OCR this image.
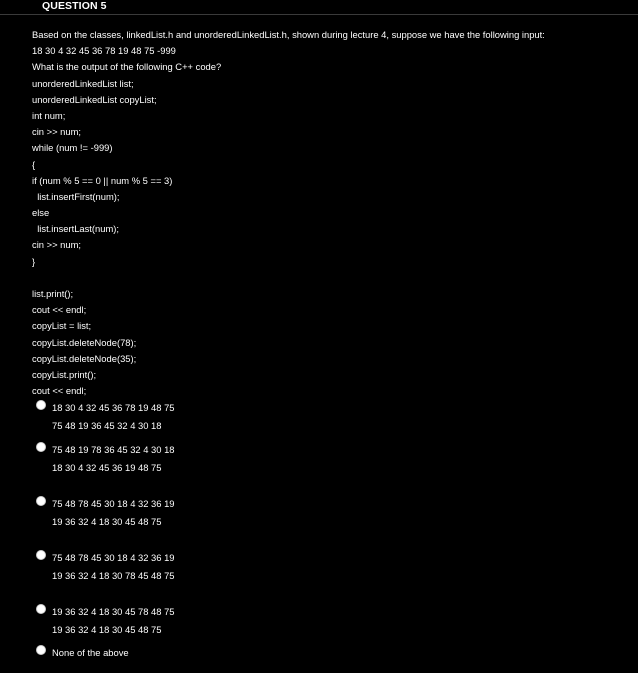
QUESTION 5
Based on the classes, linkedList.h and unorderedLinkedList.h, shown during lecture 4, suppose we have the following input:
18 30 4 32 45 36 78 19 48 75 -999
What is the output of the following C++ code?
unorderedLinkedList list;
unorderedLinkedList copyList;
int num;
cin >> num;
while (num != -999)
{
if (num % 5 == 0 || num % 5 == 3)
list.insertFirst(num);
else
list.insertLast(num);
cin >> num;
}
list.print();
cout << endl;
copyList = list;
copyList.deleteNode(78);
copyList.deleteNode(35);
copyList.print();
cout << endl;
18 30 4 32 45 36 78 19 48 75
75 48 19 36 45 32 4 30 18
75 48 19 78 36 45 32 4 30 18
18 30 4 32 45 36 19 48 75
75 48 78 45 30 18 4 32 36 19
19 36 32 4 18 30 45 48 75
75 48 78 45 30 18 4 32 36 19
19 36 32 4 18 30 78 45 48 75
19 36 32 4 18 30 45 78 48 75
19 36 32 4 18 30 45 48 75
None of the above
